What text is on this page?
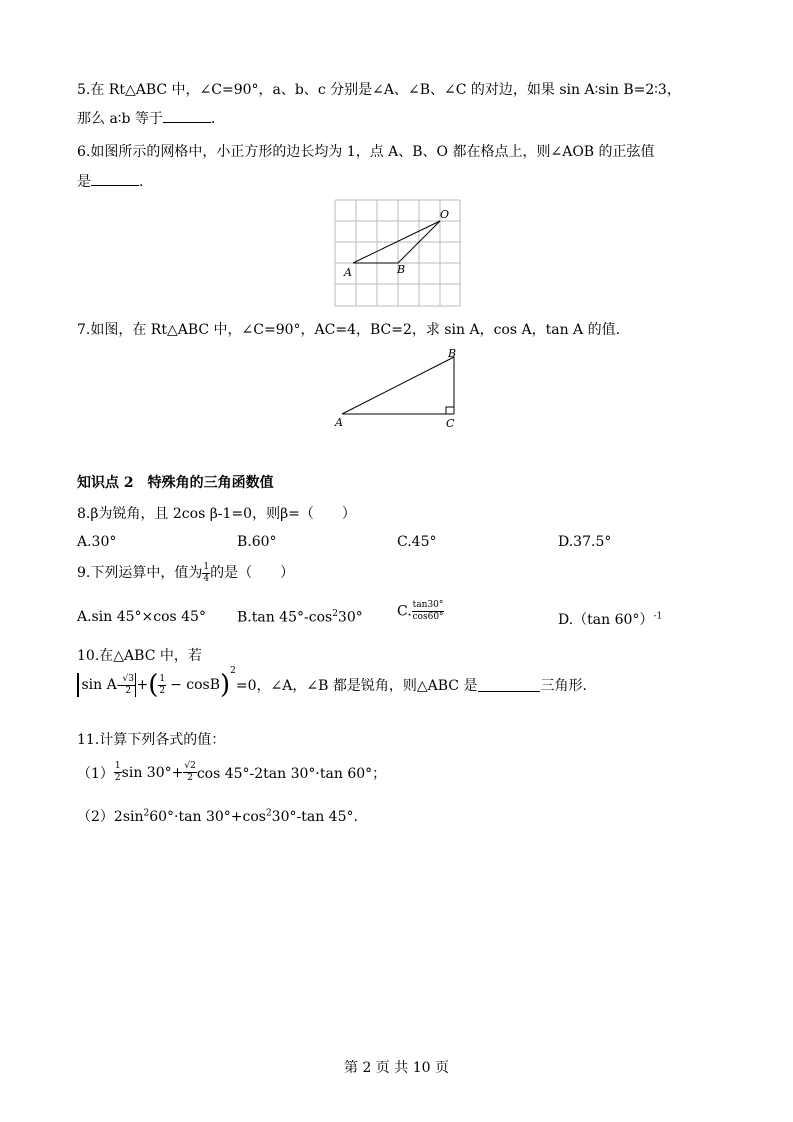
5.在 Rt△ABC 中，∠C=90°，a、b、c 分别是∠A、∠B、∠C 的对边，如果 sin A∶sin B=2∶3，
那么 a∶b 等于	.
6.如图所示的网格中，小正方形的边长均为 1，点 A、B、O 都在格点上，则∠AOB 的正弦值
是	.
O
A	B
7.如图，在 Rt△ABC 中，∠C=90°，AC=4，BC=2，求 sin A，cos A，tan A 的值.
B
A	C
知识点 2　特殊角的三角函数值
8.β为锐角，且 2cos β-1=0，则β=（　　）
A.30°	B.60°	C.45°	D.37.5°
9.下列运算中，值为 $\frac{1}{4}$ 的是（　　）
A.sin 45°×cos 45° B.tan $45^\circ-\cos^230^\circ$ C. $\frac{\tan 30^\circ}{\cos 60^\circ}$	D.（tan 60°）$^{-1}$
10.在△ABC 中，若
$\sin A- \frac{√3}{2}$ + ( $\frac{1}{2} - \cos B$ ) 2
=0，∠A，∠B 都是锐角，则△ABC 是	三角形.
11.计算下列各式的值：
$(1) \frac{1}{2}$ $\sin 30^\circ+ \frac{√2}{2}$ cos 45°-2tan 30°·tan 60°；
$(2)2\sin^260^\circ\cdot\tan$ $30^\circ+\cos^230^\circ-\tan$ 45°.
第 2 页 共 10 页
